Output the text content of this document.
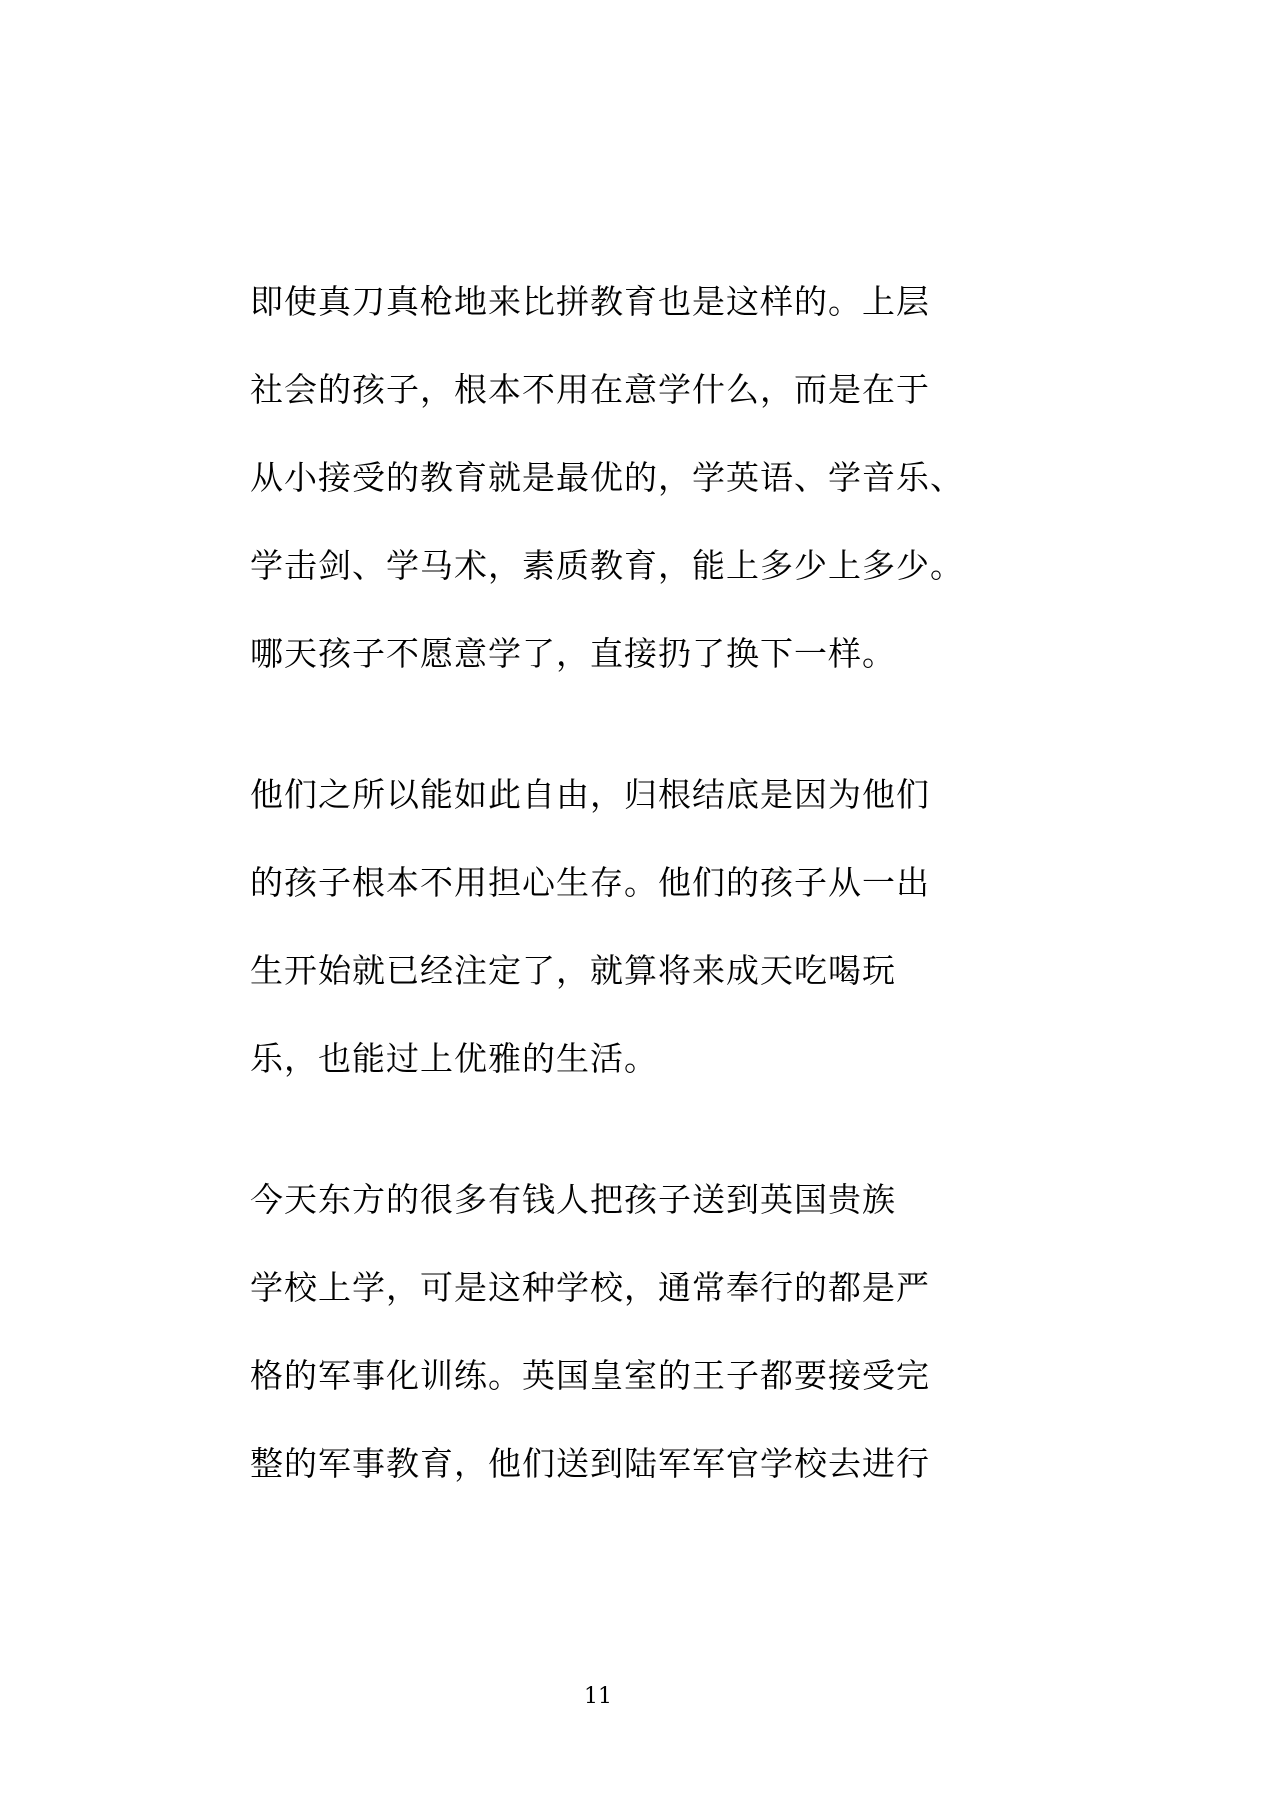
即使真刀真枪地来比拼教育也是这样的。上层
社会的孩子，根本不用在意学什么，而是在于
从小接受的教育就是最优的，学英语、学音乐、
学击剑、学马术，素质教育，能上多少上多少。
哪天孩子不愿意学了，直接扔了换下一样。
他们之所以能如此自由，归根结底是因为他们
的孩子根本不用担心生存。他们的孩子从一出
生开始就已经注定了，就算将来成天吃喝玩
乐，也能过上优雅的生活。
今天东方的很多有钱人把孩子送到英国贵族
学校上学，可是这种学校，通常奉行的都是严
格的军事化训练。英国皇室的王子都要接受完
整的军事教育，他们送到陆军军官学校去进行
11
